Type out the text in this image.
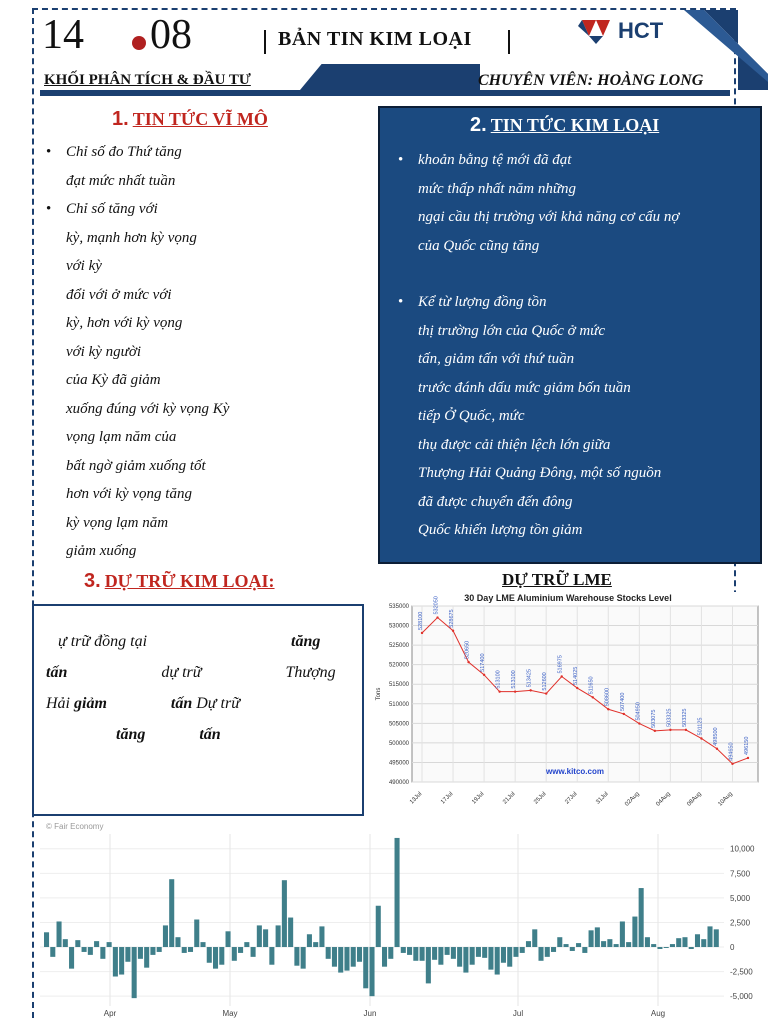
14 08	BẢN TIN KIM LOẠI	HCT
KHỐI PHÂN TÍCH & ĐẦU TƯ	CHUYÊN VIÊN: HOÀNG LONG
1. TIN TỨC VĨ MÔ

• Chỉ số đo Thứ tăng

đạt mức nhất tuần

• Chỉ số tăng với

kỳ, mạnh hơn kỳ vọng

với kỳ

đổi với ở mức với

kỳ, hơn với kỳ vọng

với kỳ người

của Kỳ đã giảm

xuống đúng với kỳ vọng Kỳ

vọng lạm năm của

bất ngờ giảm xuống tốt

hơn với kỳ vọng tăng

kỳ vọng lạm năm

giảm xuống

2. TIN TỨC KIM LOẠI

• khoản bằng tệ mới đã đạt

mức thấp nhất năm những

ngại cầu thị trường với khả năng cơ cấu nợ

của Quốc cũng tăng

• Kể từ lượng đồng tồn

thị trường lớn của Quốc ở mức

tấn, giảm tấn với thứ tuần

trước đánh dấu mức giảm bốn tuần

tiếp Ở Quốc, mức

thụ được cải thiện lệch lớn giữa

Thượng Hải Quảng Đông, một số nguồn

đã được chuyển đến đông

Quốc khiến lượng tồn giảm

3. DỰ TRỮ KIM LOẠI:

ự trữ đồng tại	tăng

tấn	dự trữ	Thượng

Hải giảm	tấn Dự trữ

tăng	tấn

DỰ TRỮ LME
30 Day LME Aluminium Warehouse Stocks Level
535000
530000
525000
520000
515000
510000
505000
500000
495000
490000
Tons
13Jul	17Jul	19Jul	21Jul	25Jul	27Jul	31Jul 02Aug 04Aug 08Aug 10Aug
528100
532050
528675
520650
517400
513100 513100 513425 512600
516975
514025
511650
508600 507400
504950 503075 503325 503325 501125
498500
494650 496150
www.kitco.com
© Fair Economy
10,000
7,500
5,000
2,500
0
-2,500
-5,000
Apr	May	Jun	Jul	Aug
